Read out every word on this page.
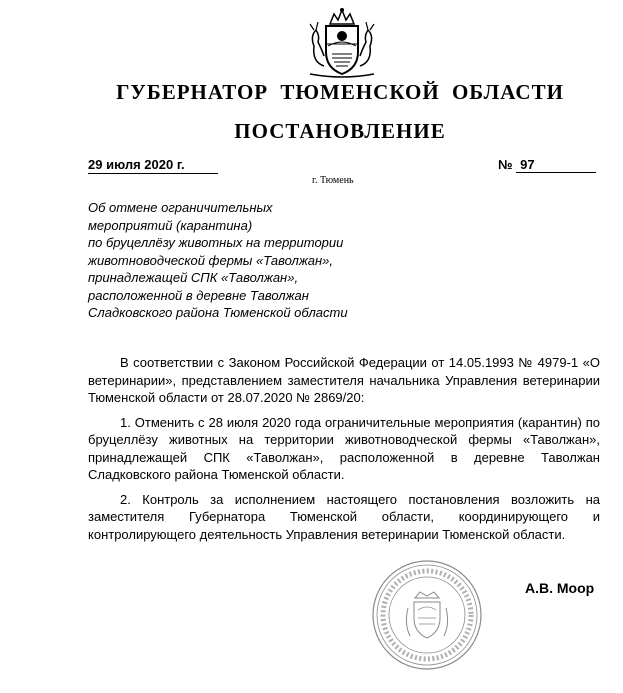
ГУБЕРНАТОР ТЮМЕНСКОЙ ОБЛАСТИ
ПОСТАНОВЛЕНИЕ
29 июля 2020 г.	№ 97
г. Тюмень
Об отмене ограничительных
мероприятий (карантина)
по бруцеллёзу животных на территории
животноводческой фермы «Таволжан»,
принадлежащей СПК «Таволжан»,
расположенной в деревне Таволжан
Сладковского района Тюменской области

В соответствии с Законом Российской Федерации от 14.05.1993 № 4979-1 «О ветеринарии», представлением заместителя начальника Управления ветеринарии Тюменской области от 28.07.2020 № 2869/20:

1. Отменить с 28 июля 2020 года ограничительные мероприятия (карантин) по бруцеллёзу животных на территории животноводческой фермы «Таволжан», принадлежащей СПК «Таволжан», расположенной в деревне Таволжан Сладковского района Тюменской области.

2. Контроль за исполнением настоящего постановления возложить на заместителя Губернатора Тюменской области, координирующего и контролирующего деятельность Управления ветеринарии Тюменской области.

А.В. Моор
